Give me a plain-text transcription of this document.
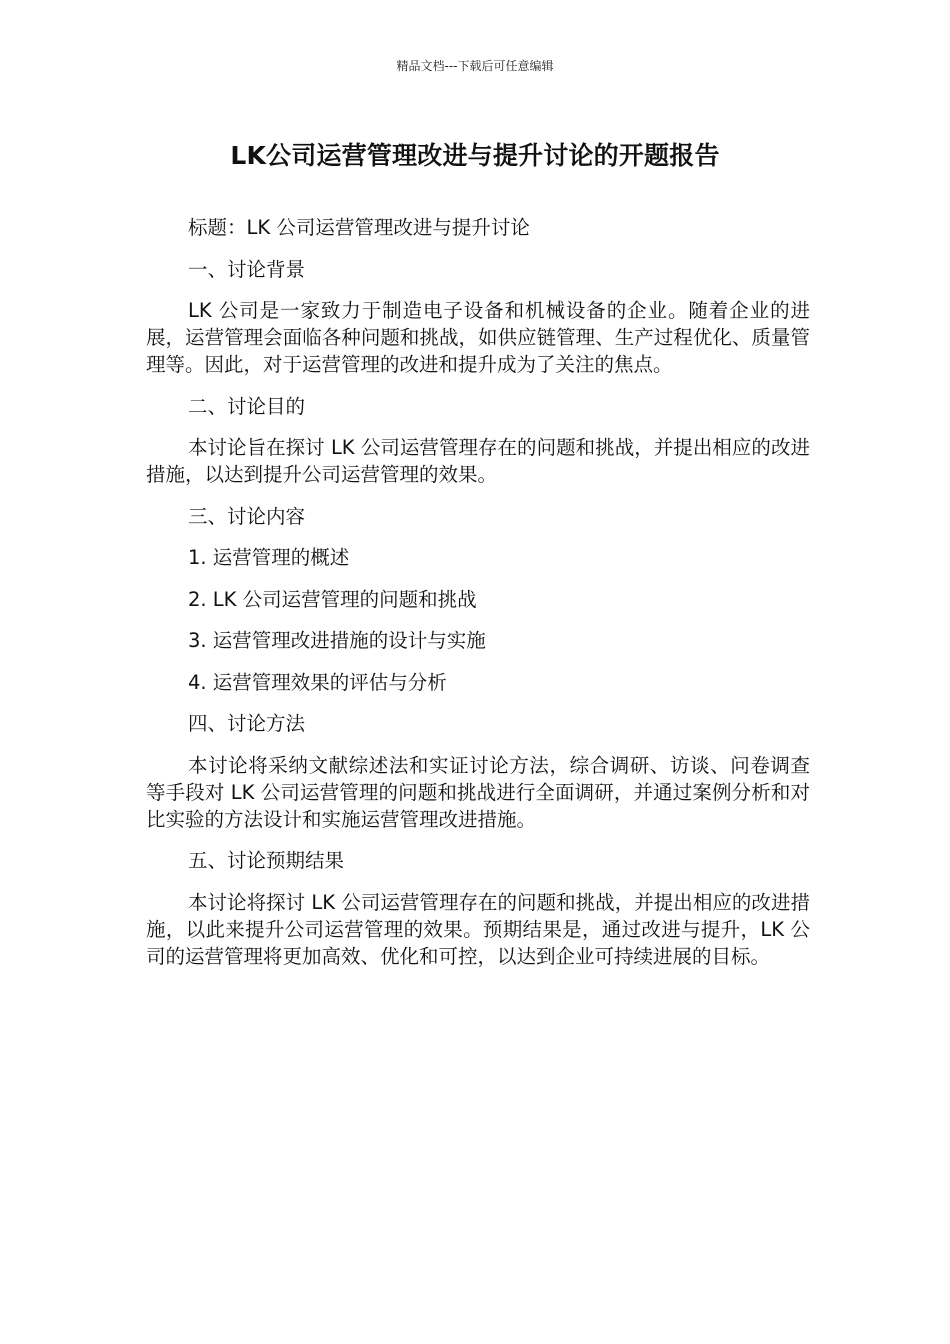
精品文档---下载后可任意编辑

LK公司运营管理改进与提升讨论的开题报告

标题：LK 公司运营管理改进与提升讨论

一、讨论背景

LK 公司是一家致力于制造电子设备和机械设备的企业。随着企业的进展，运营管理会面临各种问题和挑战，如供应链管理、生产过程优化、质量管理等。因此，对于运营管理的改进和提升成为了关注的焦点。

二、讨论目的

本讨论旨在探讨 LK 公司运营管理存在的问题和挑战，并提出相应的改进措施，以达到提升公司运营管理的效果。

三、讨论内容

1. 运营管理的概述

2. LK 公司运营管理的问题和挑战

3. 运营管理改进措施的设计与实施

4. 运营管理效果的评估与分析

四、讨论方法

本讨论将采纳文献综述法和实证讨论方法，综合调研、访谈、问卷调查等手段对 LK 公司运营管理的问题和挑战进行全面调研，并通过案例分析和对比实验的方法设计和实施运营管理改进措施。

五、讨论预期结果

本讨论将探讨 LK 公司运营管理存在的问题和挑战，并提出相应的改进措施，以此来提升公司运营管理的效果。预期结果是，通过改进与提升，LK 公司的运营管理将更加高效、优化和可控，以达到企业可持续进展的目标。
